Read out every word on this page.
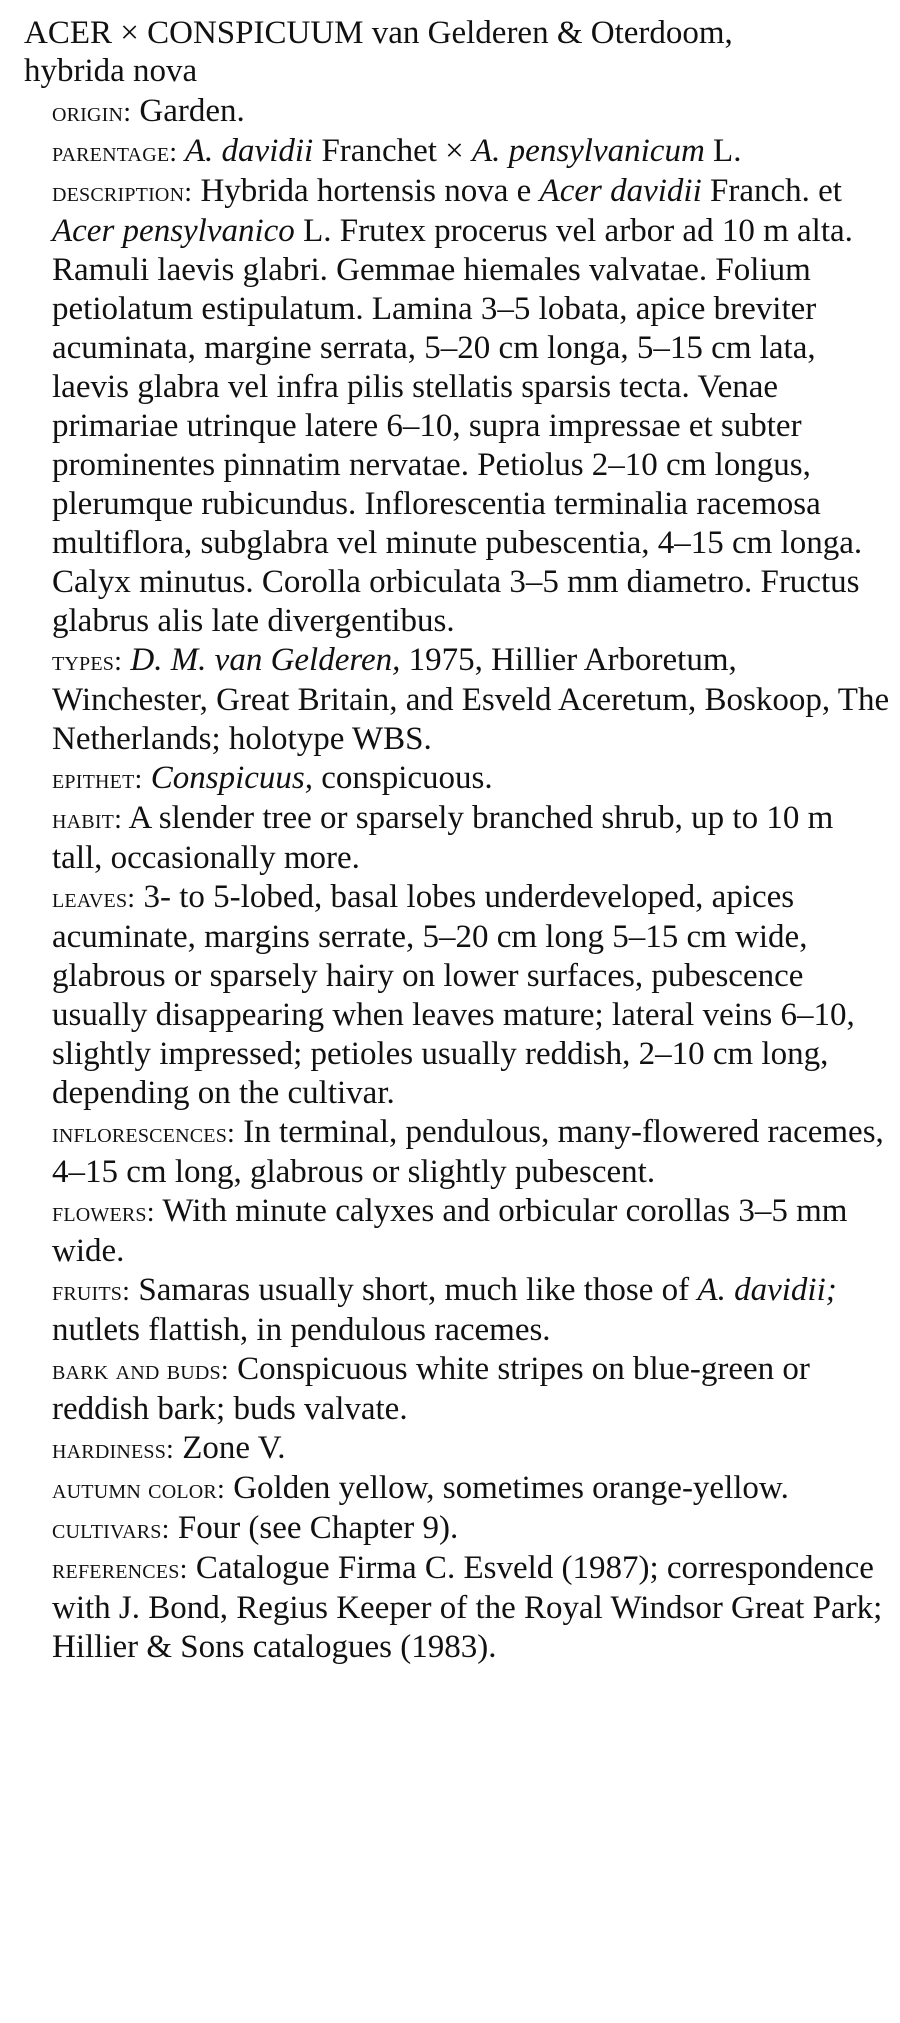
ACER × CONSPICUUM van Gelderen & Oterdoom,
hybrida nova

origin: Garden.

parentage: A. davidii Franchet × A. pensylvanicum L.

description: Hybrida hortensis nova e Acer davidii Franch. et Acer pensylvanico L. Frutex procerus vel arbor ad 10 m alta. Ramuli laevis glabri. Gemmae hiemales valvatae. Folium petiolatum estipulatum. Lamina 3–5 lobata, apice breviter acuminata, margine serrata, 5–20 cm longa, 5–15 cm lata, laevis glabra vel infra pilis stellatis sparsis tecta. Venae primariae utrinque latere 6–10, supra impressae et subter prominentes pinnatim nervatae. Petiolus 2–10 cm longus, plerumque rubicundus. Inflorescentia terminalia racemosa multiflora, subglabra vel minute pubescentia, 4–15 cm longa. Calyx minutus. Corolla orbiculata 3–5 mm diametro. Fructus glabrus alis late divergentibus.

types: D. M. van Gelderen, 1975, Hillier Arboretum, Winchester, Great Britain, and Esveld Aceretum, Boskoop, The Netherlands; holotype WBS.

epithet: Conspicuus, conspicuous.

habit: A slender tree or sparsely branched shrub, up to 10 m tall, occasionally more.

leaves: 3- to 5-lobed, basal lobes underdeveloped, apices acuminate, margins serrate, 5–20 cm long 5–15 cm wide, glabrous or sparsely hairy on lower surfaces, pubescence usually disappearing when leaves mature; lateral veins 6–10, slightly impressed; petioles usually reddish, 2–10 cm long, depending on the cultivar.

inflorescences: In terminal, pendulous, many-flowered racemes, 4–15 cm long, glabrous or slightly pubescent.

flowers: With minute calyxes and orbicular corollas 3–5 mm wide.

fruits: Samaras usually short, much like those of A. davidii; nutlets flattish, in pendulous racemes.

bark and buds: Conspicuous white stripes on blue-green or reddish bark; buds valvate.

hardiness: Zone V.

autumn color: Golden yellow, sometimes orange-yellow.

cultivars: Four (see Chapter 9).

references: Catalogue Firma C. Esveld (1987); correspondence with J. Bond, Regius Keeper of the Royal Windsor Great Park; Hillier & Sons catalogues (1983).
